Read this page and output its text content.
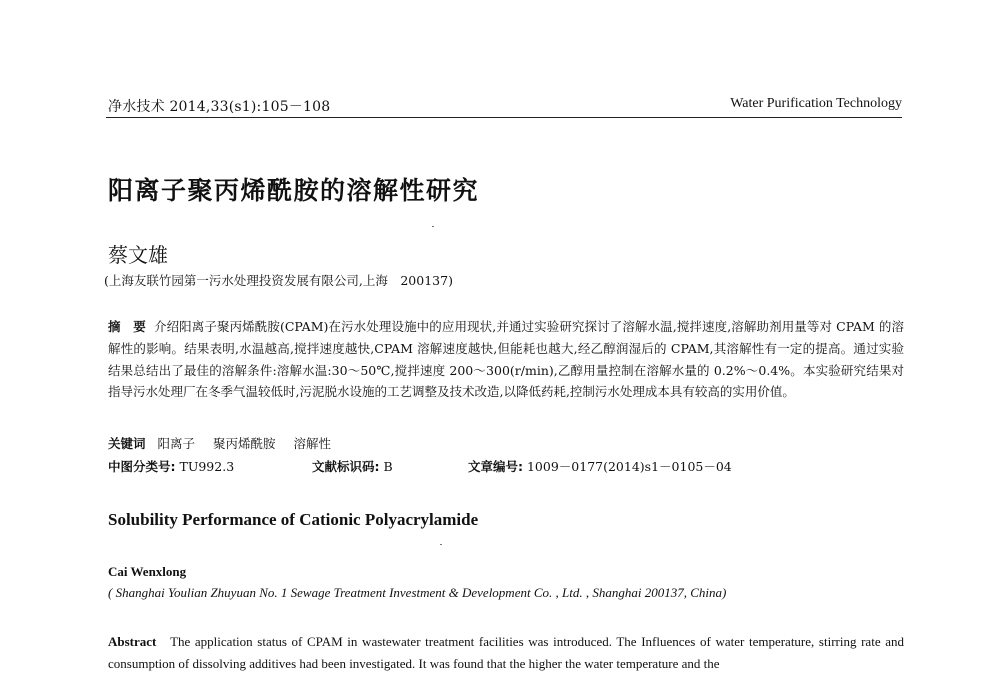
净水技术 2014,33(s1):105－108	Water Purification Technology
阳离子聚丙烯酰胺的溶解性研究
蔡文雄
(上海友联竹园第一污水处理投资发展有限公司,上海　200137)
摘　要 介绍阳离子聚丙烯酰胺(CPAM)在污水处理设施中的应用现状,并通过实验研究探讨了溶解水温,搅拌速度,溶解助剂用量等对 CPAM 的溶解性的影响。结果表明,水温越高,搅拌速度越快,CPAM 溶解速度越快,但能耗也越大,经乙醇润湿后的 CPAM,其溶解性有一定的提高。通过实验结果总结出了最佳的溶解条件:溶解水温:30～50℃,搅拌速度 200～300(r/min),乙醇用量控制在溶解水量的 0.2%～0.4%。本实验研究结果对指导污水处理厂在冬季气温较低时,污泥脱水设施的工艺调整及技术改造,以降低药耗,控制污水处理成本具有较高的实用价值。
关键词 阳离子 聚丙烯酰胺 溶解性
中图分类号: TU992.3	文献标识码: B	文章编号: 1009－0177(2014)s1－0105－04
Solubility Performance of Cationic Polyacrylamide
Cai Wenxlong
( Shanghai Youlian Zhuyuan No. 1 Sewage Treatment Investment & Development Co. , Ltd. , Shanghai 200137, China)
Abstract The application status of CPAM in wastewater treatment facilities was introduced. The Influences of water temperature, stirring rate and consumption of dissolving additives had been investigated. It was found that the higher the water temperature and the
